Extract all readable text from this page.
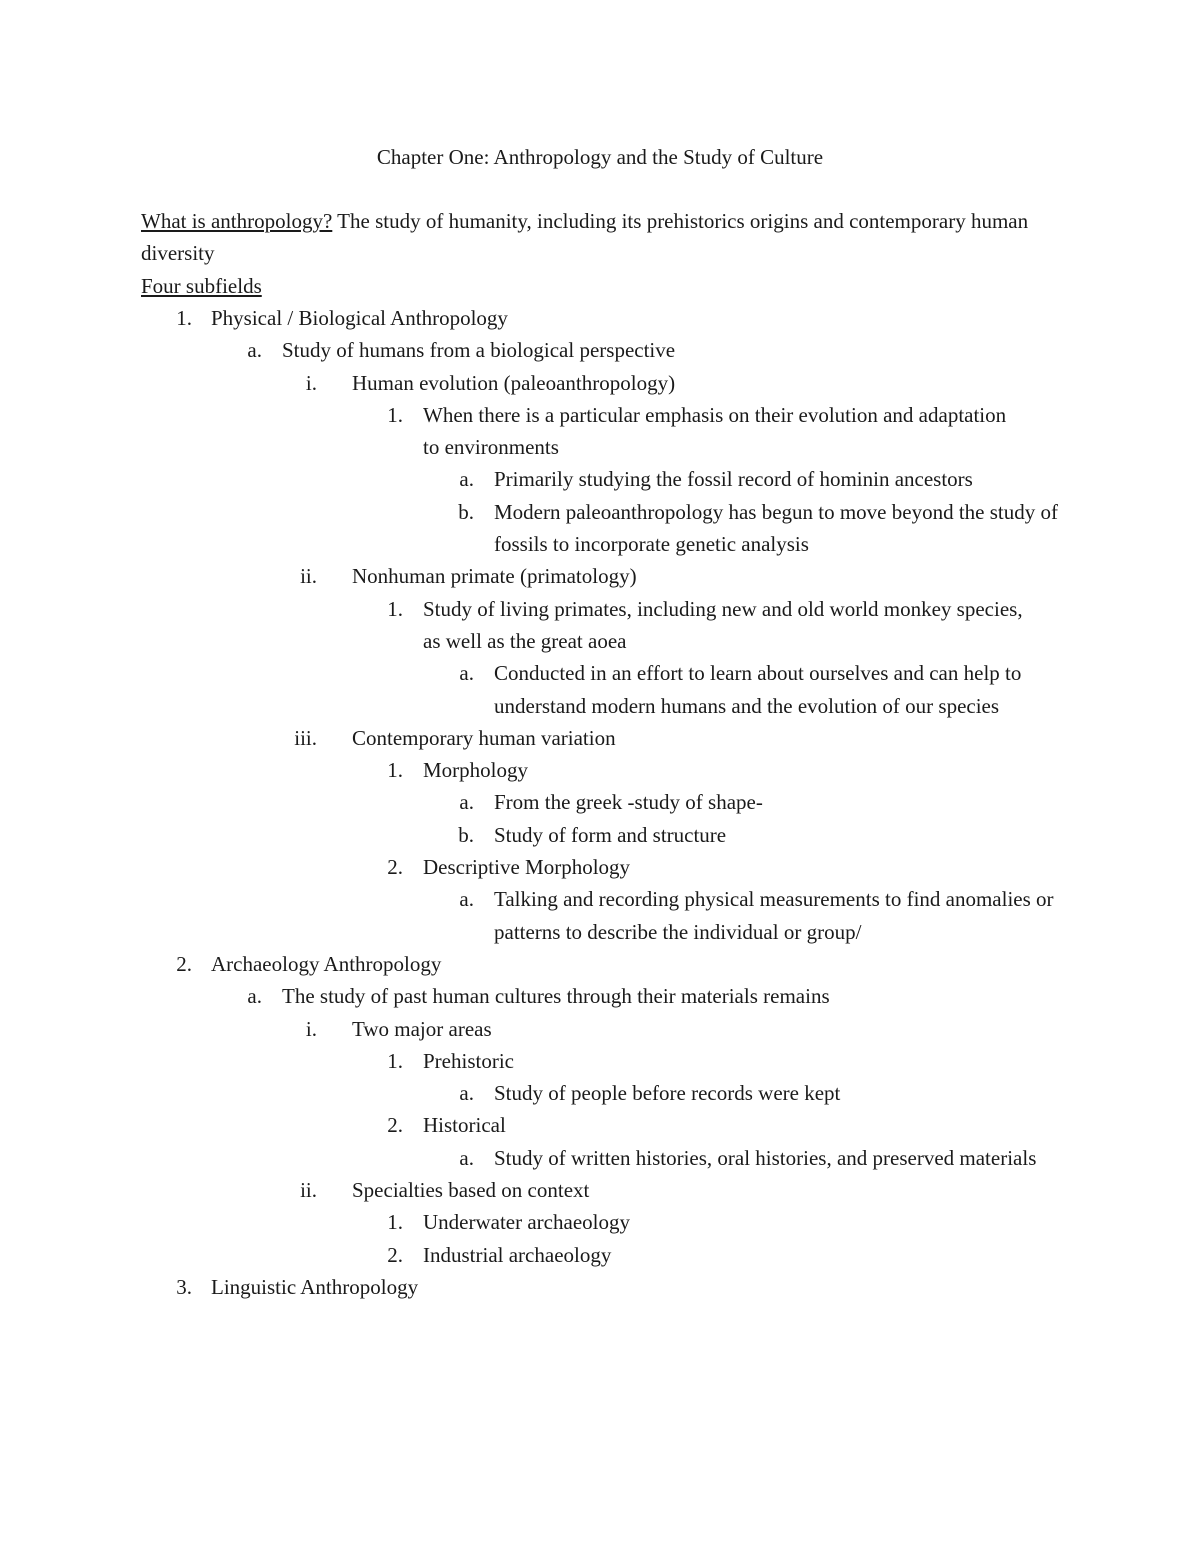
Chapter One: Anthropology and the Study of Culture
What is anthropology? The study of humanity, including its prehistorics origins and contemporary human diversity
Four subfields
1. Physical / Biological Anthropology
a. Study of humans from a biological perspective
i. Human evolution (paleoanthropology)
1. When there is a particular emphasis on their evolution and adaptation to environments
a. Primarily studying the fossil record of hominin ancestors
b. Modern paleoanthropology has begun to move beyond the study of fossils to incorporate genetic analysis
ii. Nonhuman primate (primatology)
1. Study of living primates, including new and old world monkey species, as well as the great aoea
a. Conducted in an effort to learn about ourselves and can help to understand modern humans and the evolution of our species
iii. Contemporary human variation
1. Morphology
a. From the greek -study of shape-
b. Study of form and structure
2. Descriptive Morphology
a. Talking and recording physical measurements to find anomalies or patterns to describe the individual or group/
2. Archaeology Anthropology
a. The study of past human cultures through their materials remains
i. Two major areas
1. Prehistoric
a. Study of people before records were kept
2. Historical
a. Study of written histories, oral histories, and preserved materials
ii. Specialties based on context
1. Underwater archaeology
2. Industrial archaeology
3. Linguistic Anthropology
